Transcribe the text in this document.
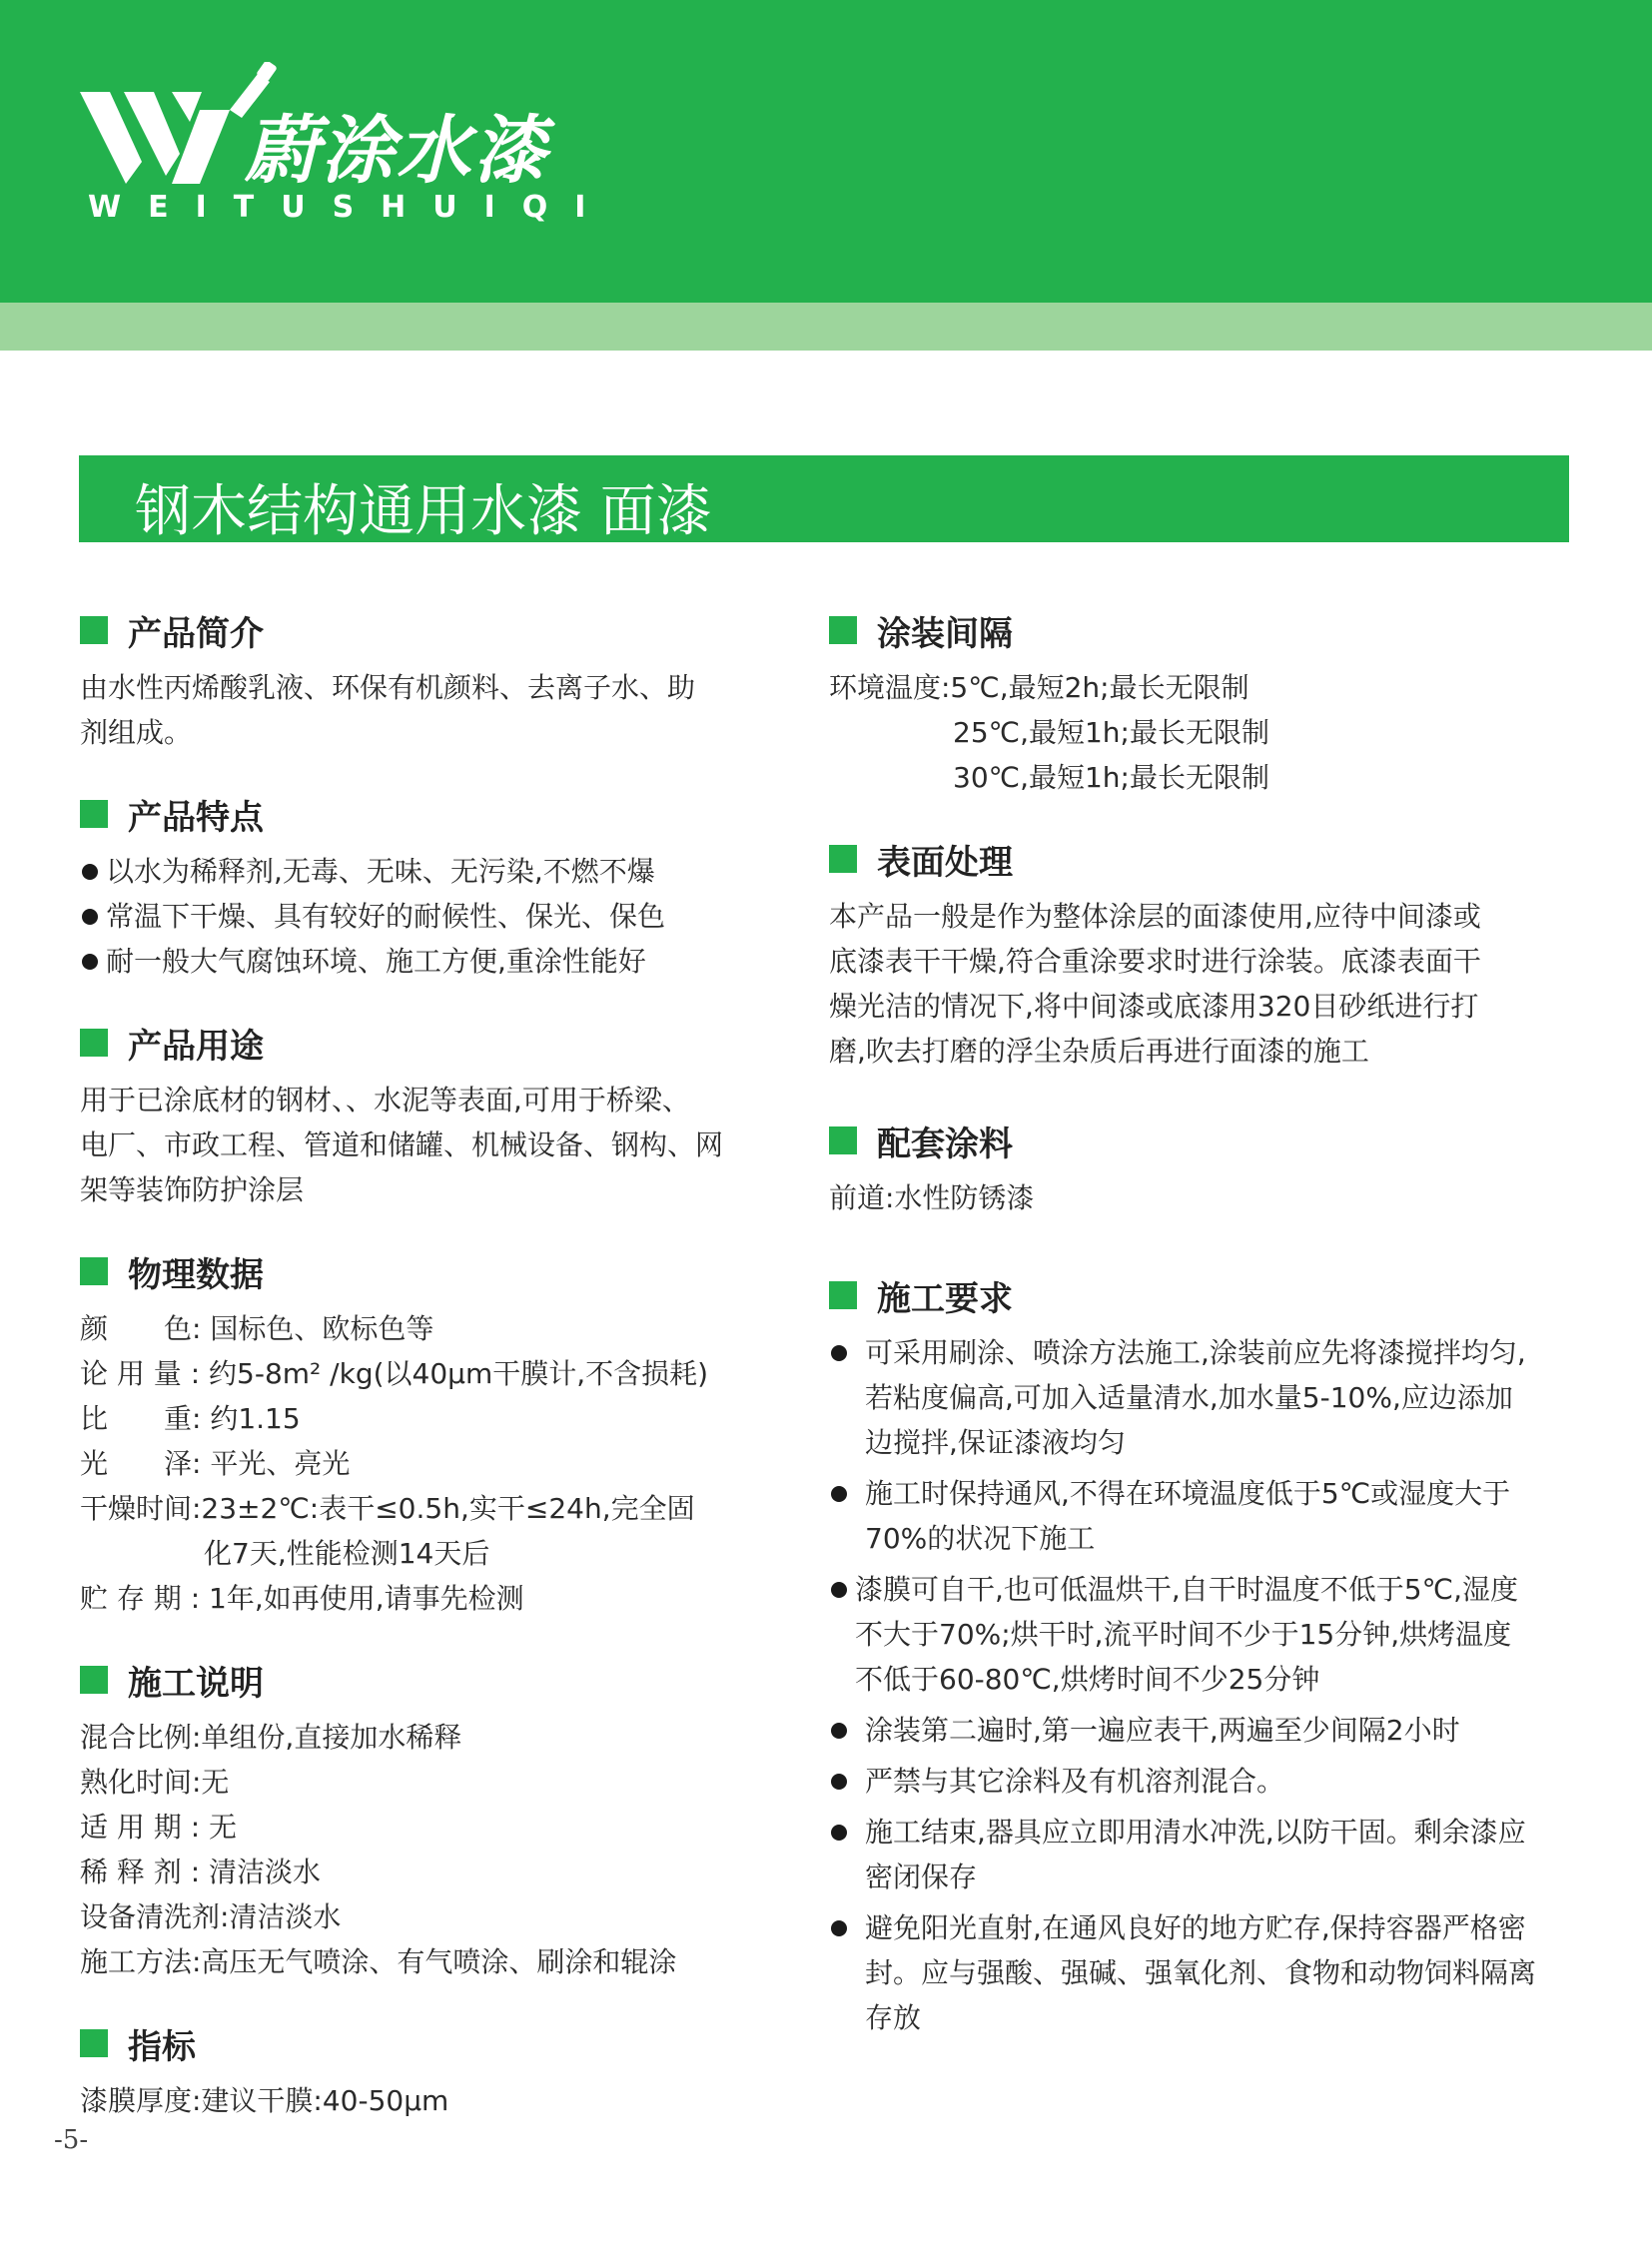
蔚涂水漆
WEITUSHUIQI
钢木结构通用水漆 面漆
产品简介
由水性丙烯酸乳液、环保有机颜料、去离子水、助
剂组成。
产品特点
以水为稀释剂,无毒、无味、无污染,不燃不爆
常温下干燥、具有较好的耐候性、保光、保色
耐一般大气腐蚀环境、施工方便,重涂性能好
产品用途
用于已涂底材的钢材、、水泥等表面,可用于桥梁、
电厂、市政工程、管道和储罐、机械设备、钢构、网
架等装饰防护涂层
物理数据
颜　　色: 国标色、欧标色等
论 用 量 : 约5-8m² /kg(以40μm干膜计,不含损耗)
比　　重: 约1.15
光　　泽: 平光、亮光
干燥时间:23±2℃:表干≤0.5h,实干≤24h,完全固
化7天,性能检测14天后
贮 存 期 : 1年,如再使用,请事先检测
施工说明
混合比例:单组份,直接加水稀释
熟化时间:无
适 用 期 : 无
稀 释 剂 : 清洁淡水
设备清洗剂:清洁淡水
施工方法:高压无气喷涂、有气喷涂、刷涂和辊涂
指标
漆膜厚度:建议干膜:40-50μm
涂装间隔
环境温度:5℃,最短2h;最长无限制
25℃,最短1h;最长无限制
30℃,最短1h;最长无限制
表面处理
本产品一般是作为整体涂层的面漆使用,应待中间漆或
底漆表干干燥,符合重涂要求时进行涂装。底漆表面干
燥光洁的情况下,将中间漆或底漆用320目砂纸进行打
磨,吹去打磨的浮尘杂质后再进行面漆的施工
配套涂料
前道:水性防锈漆
施工要求
可采用刷涂、喷涂方法施工,涂装前应先将漆搅拌均匀,
若粘度偏高,可加入适量清水,加水量5-10%,应边添加
边搅拌,保证漆液均匀
施工时保持通风,不得在环境温度低于5℃或湿度大于
70%的状况下施工
漆膜可自干,也可低温烘干,自干时温度不低于5℃,湿度
不大于70%;烘干时,流平时间不少于15分钟,烘烤温度
不低于60-80℃,烘烤时间不少25分钟
涂装第二遍时,第一遍应表干,两遍至少间隔2小时
严禁与其它涂料及有机溶剂混合。
施工结束,器具应立即用清水冲洗,以防干固。剩余漆应
密闭保存
避免阳光直射,在通风良好的地方贮存,保持容器严格密
封。应与强酸、强碱、强氧化剂、食物和动物饲料隔离
存放
-5-
